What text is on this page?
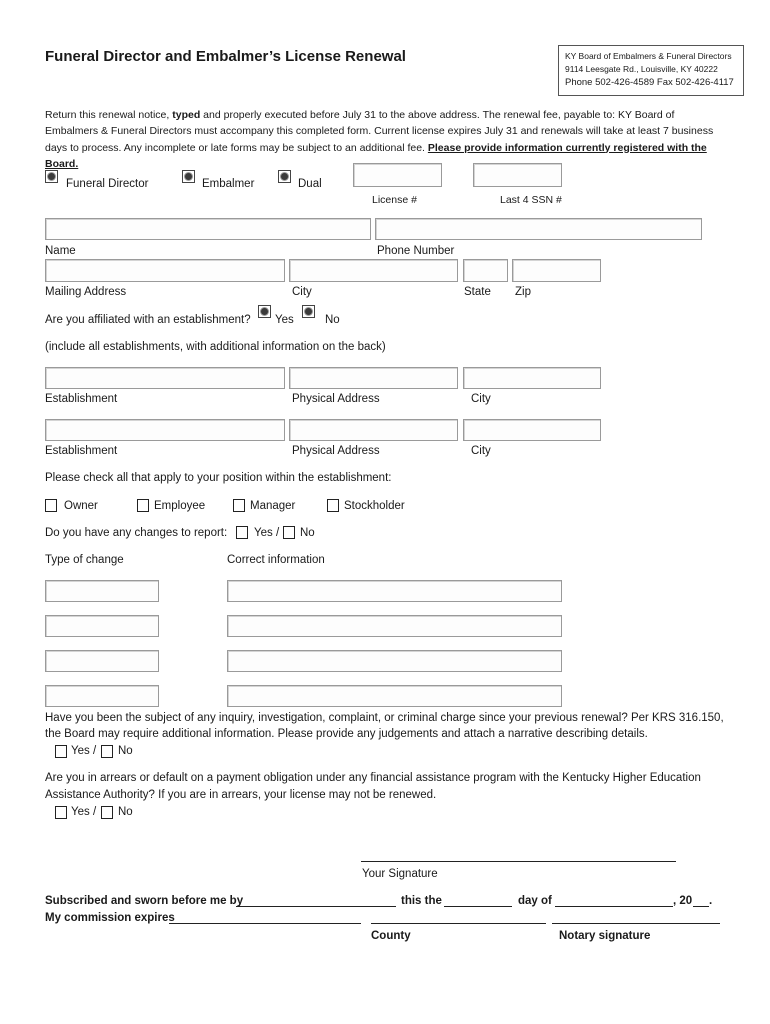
Funeral Director and Embalmer’s License Renewal	KY Board of Embalmers & Funeral Directors
9114 Leesgate Rd., Louisville, KY 40222
Phone 502-426-4589 Fax 502-426-4117
Return this renewal notice, typed and properly executed before July 31 to the above address. The renewal fee, payable to: KY Board of Embalmers & Funeral Directors must accompany this completed form. Current license expires July 31 and renewals will take at least 7 business days to process. Any incomplete or late forms may be subject to an additional fee. Please provide information currently registered with the Board.
Funeral Director	Embalmer	Dual
License #	Last 4 SSN #
Name	Phone Number
Mailing Address	City	State Zip
Are you affiliated with an establishment? Yes	No
(include all establishments, with additional information on the back)
Establishment	Physical Address	City
Establishment	Physical Address	City
Please check all that apply to your position within the establishment:
Owner	Employee	Manager	Stockholder
Do you have any changes to report: Yes / No
Type of change	Correct information
Have you been the subject of any inquiry, investigation, complaint, or criminal charge since your previous renewal? Per KRS 316.150,
the Board may require additional information. Please provide any judgements and attach a narrative describing details.
Yes / No
Are you in arrears or default on a payment obligation under any financial assistance program with the Kentucky Higher Education
Assistance Authority? If you are in arrears, your license may not be renewed.
Yes / No
Your Signature
Subscribed and sworn before me by	this the	day of	, 20 .
My commission expires
County	Notary signature
